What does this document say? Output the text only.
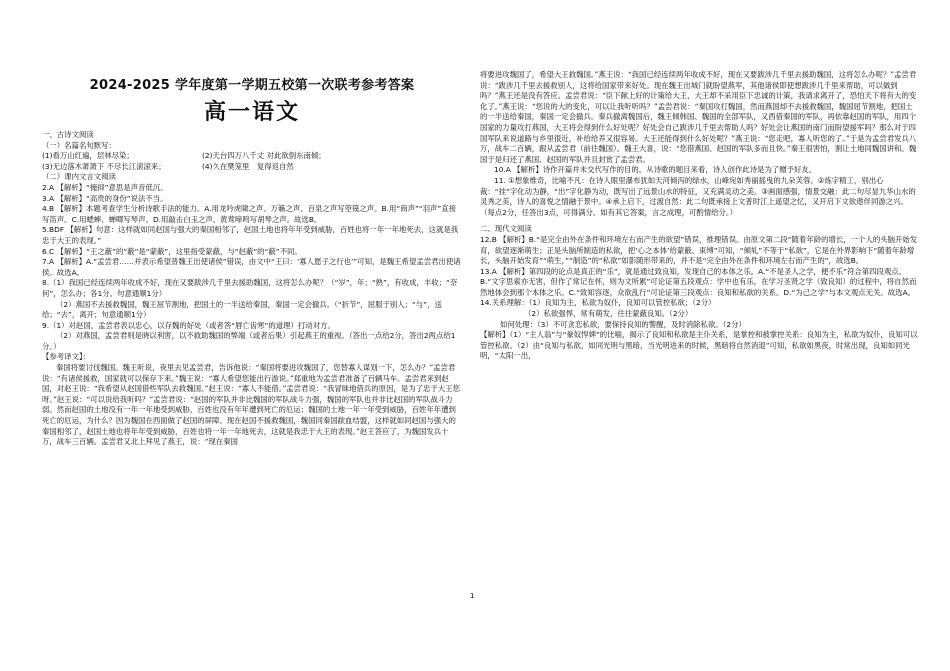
2024-2025 学年度第一学期五校第一次联考参考答案
高一语文

一、古诗文阅读

（一）名篇名句默写：

(1)看万山红遍，层林尽染；	(2)天台四万八千丈 对此欲倒东南倾；
(3)无边落木萧萧下 不尽长江滚滚来；	(4)久在樊笼里　复得返自然

（二）课内文言文阅读

2.A 【解析】“掩抑”意思是声音低沉。

3.A 【解析】“高贵的身份”说法不当。

4.B 【解析】本题考查学生分析诗歌手法的能力。A.用龙吟虎啸之声、万籁之声、百泉之声写箜篌之声。B.用“商声”“羽声”直接写笛声。C.用蟋蟀、蝉唧写琴声。D.用敲击白玉之声、黄莺啼鸣写胡琴之声。故选B。

5.BDF 【解析】句意：这样就如同赵国与强大的秦国相邻了，赵国土地也将年年受到威胁，百姓也将一年一年地死去，这就是我忠于大王的表现。”

6.C 【解析】“王之蔽”的“蔽”是“蒙蔽”，这里指受蒙蔽，与“赵蔽”的“蔽”不同。

7.A 【解析】A.“孟尝君……并表示希望普魏王出使诸侯”错误，由文中“王曰：‘寡人愿子之行也’”可知，是魏王希望孟尝君出使诸侯。故选A。

8.（1）我国已经连续两年收成不好，现在又要跋涉几千里去援助魏国，这将怎么办呢？（“岁”，年；“熟”，有收成，丰收；“奈何”，怎么办；各1分。句意通顺1分）

（2）燕国不去援救魏国，魏王屈节割地，把国土的一半送给秦国，秦国一定会撤兵。（“折节”，屈服于别人；“与”，送给；“去”，离开；句意通顺1分）

9.（1）对赵国，孟尝君表以忠心，以存魏的好处（或者答“唇亡齿寒”的道理）打动对方。

（2）对燕国，孟尝君则是晓以利害，以不救助魏国的弊端（或者后果）引起燕王的重视。（答出一点给2分，答出2两点给1分。）

【参考译文】：

秦国将要讨伐魏国。魏王听说，夜里去见孟尝君，告诉他说：“秦国将要进攻魏国了，您替寡人谋划一下，怎么办？”孟尝君说：“有诸侯援救，国家就可以保存下来。”魏王说：“寡人希望您能出行游说。”郑重地为孟尝君准备了百辆马车。孟尝君来到赵国，对赵王说：“我希望从赵国借些军队去救魏国。”赵王说：“寡人不能借。”孟尝君说：“我冒昧地借兵的原因，是为了忠于大王您呀。”赵王说：“可以说给我听吗？”孟尝君说：“赵国的军队并非比魏国的军队战斗力强，魏国的军队也并非比赵国的军队战斗力弱。然而赵国的土地没有一年一年地受到威胁，百姓也没有年年遭到死亡的厄运；魏国的土地一年一年受到威胁，百姓年年遭到死亡的厄运，为什么？因为魏国在西面做了赵国的屏障。现在赵国不援救魏国，魏国同秦国歃血结盟，这样就如同赵国与强大的秦国相邻了，赵国土地也将年年受到威胁，百姓也将一年一年地死去，这就是我忠于大王的表现。”赵王答应了，为魏国发兵十万，战车三百辆。孟尝君又北上拜见了燕王，说：“现在秦国

将要进攻魏国了，希望大王救魏国。”燕王说：“我国已经连续两年收成不好，现在又要跋涉几千里去援助魏国，这将怎么办呢？”孟尝君说：“跋涉几千里去援救别人，这将给国家带来好处。现在魏王出城门就盼望燕军，其他诸侯即使想跋涉几千里来帮助，可以做到吗？”燕王还是没有答应。孟尝君说：“臣下献上好的计策给大王，大王却不采用臣下忠诚的计策，我请求离开了，恐怕天下将有大的变化了。”燕王说：“您说的大的变化，可以让我听听吗？”孟尝君说：“秦国攻打魏国，然而燕国却不去援救魏国，魏国屈节割地，把国土的一半送给秦国，秦国一定会撤兵。秦兵撤离魏国后，魏王倾韩国、魏国的全部军队，又西借秦国的军队，再依靠赵国的军队，用四个国家的力量攻打燕国，大王将会得到什么好处呢？好处会自己跋涉几千里去帮助人吗？好处会让燕国的南门而盼望援军吗？那么对于四国军队来说道路与乡里很近，补给给养又很容易。大王还能得到什么好处呢？”燕王说：“您走吧，寡人听您的了。”于是为孟尝君发兵八万，战车二百辆，跟从孟尝君（前往魏国）。魏王大喜，说：“您借燕国、赵国的军队多而且快。”秦王很害怕，割让土地同魏国讲和。魏国于是归还了燕国、赵国的军队并且封赏了孟尝君。

10.A 【解析】诗作开篇并未交代写作的目的。从诗歌的题目来看，诗人创作此诗是为了赠予好友。

11. ①想象维奇，比喻不凡：在诗人眼里瀑布犹如天河倾泻的绿水，山峰宛如秀丽摇曳的九朵芙蓉。②炼字精工，别出心裁：“挂”字化动为静，“出”字化静为动，既写出了远景山水的特征，又充满灵动之美。③画面感强，情景交融：此二句尽显九华山水的灵秀之美，诗人的喜悦之情融于景中。④承上启下，过渡自然：此二句既承接上文普时江上遥望之忆，又开启下文欲遨伴同游之兴。（每点2分，任答出3点，可得满分。如有其它答案，言之成理，可酌情给分。）

二、现代文阅读

12.B 【解析】B.“是完全由外在条件和环境左右而产生的欲望”错误，推理错误。由原文第二段“随着年龄的增长，一个人的头脑开始发育，欲望逐渐萌生；正是头脑所制造的私欲，把‘心之本体’给蒙蔽、束缚”可知，“倾轧”不等于“私欲”，它是在外界影响下“随着年龄增长，头脑开始发育”“萌生，”“制造”的“私欲”如影随形带来的，并不是“完全由外在条件和环境左右而产生的”，故选B。

13.A 【解析】第四段的论点是真正的“乐”，就是通过致良知，发现自己的本体之乐。A.“不是圣人之学，便不乐”符合第四段观点。B.“文字思索亦无害，但作了常记在怀，则为文所累”可论证第五段观点：学中也有乐，在学习圣贤之学（致良知）的过程中，将自然而然地体会到那个本体之乐。C.“致知容逐，众欲乱行”可论证第三段观点：良知和私欲的关系。D.“为己之学”与本文观点无关。故选A。

14.关系理解：（1）良知为主，私欲为奴仆，良知可以管控私欲；（2分）

（2）私欲强悍，常有萌发，往往蒙蔽良知。（2分）

如何处理：（3）不可贪恋私欲，要保持良知的警醒，及时消除私欲。（2分）

【解析】（1）“主人翁”与“豢奴悍婢”的比喻，揭示了良知和私欲是主仆关系，是掌控和被掌控关系：良知为主，私欲为奴仆，良知可以管控私欲。（2）由“良知与私欲，如同光明与黑暗，当光明进来的时候，黑暗将自然消退”可知，私欲如黑夜，时常出现，良知如同光明，“太阳一出，

1
